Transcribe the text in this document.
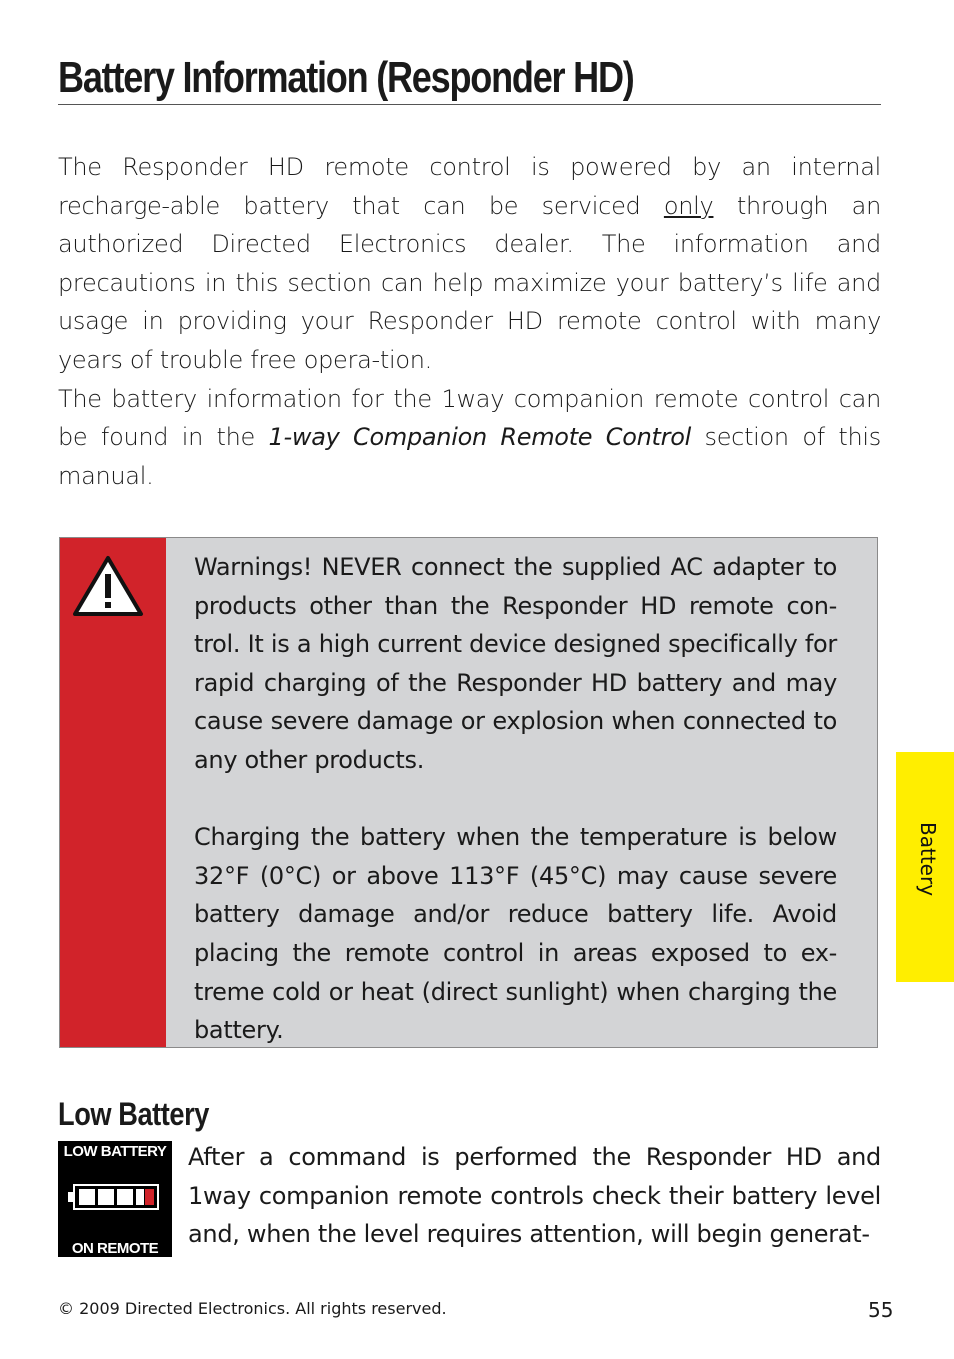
Battery Information (Responder HD)

The Responder HD remote control is powered by an internal recharge-able battery that can be serviced only through an authorized Directed Electronics dealer. The information and precautions in this section can help maximize your battery’s life and usage in providing your Responder HD remote control with many years of trouble free opera-tion.

The battery information for the 1way companion remote control can be found in the 1-way Companion Remote Control section of this manual.

Warnings! NEVER connect the supplied AC adapter to products other than the Responder HD remote con-trol. It is a high current device designed specifically for rapid charging of the Responder HD battery and may cause severe damage or explosion when connected to any other products.

Charging the battery when the temperature is below 32°F (0°C) or above 113°F (45°C) may cause severe battery damage and/or reduce battery life. Avoid placing the remote control in areas exposed to ex-treme cold or heat (direct sunlight) when charging the battery.

Low Battery
LOW BATTERY
ON REMOTE
After a command is performed the Responder HD and 1way companion remote controls check their battery level and, when the level requires attention, will begin generat-
Battery
© 2009 Directed Electronics. All rights reserved.	55
